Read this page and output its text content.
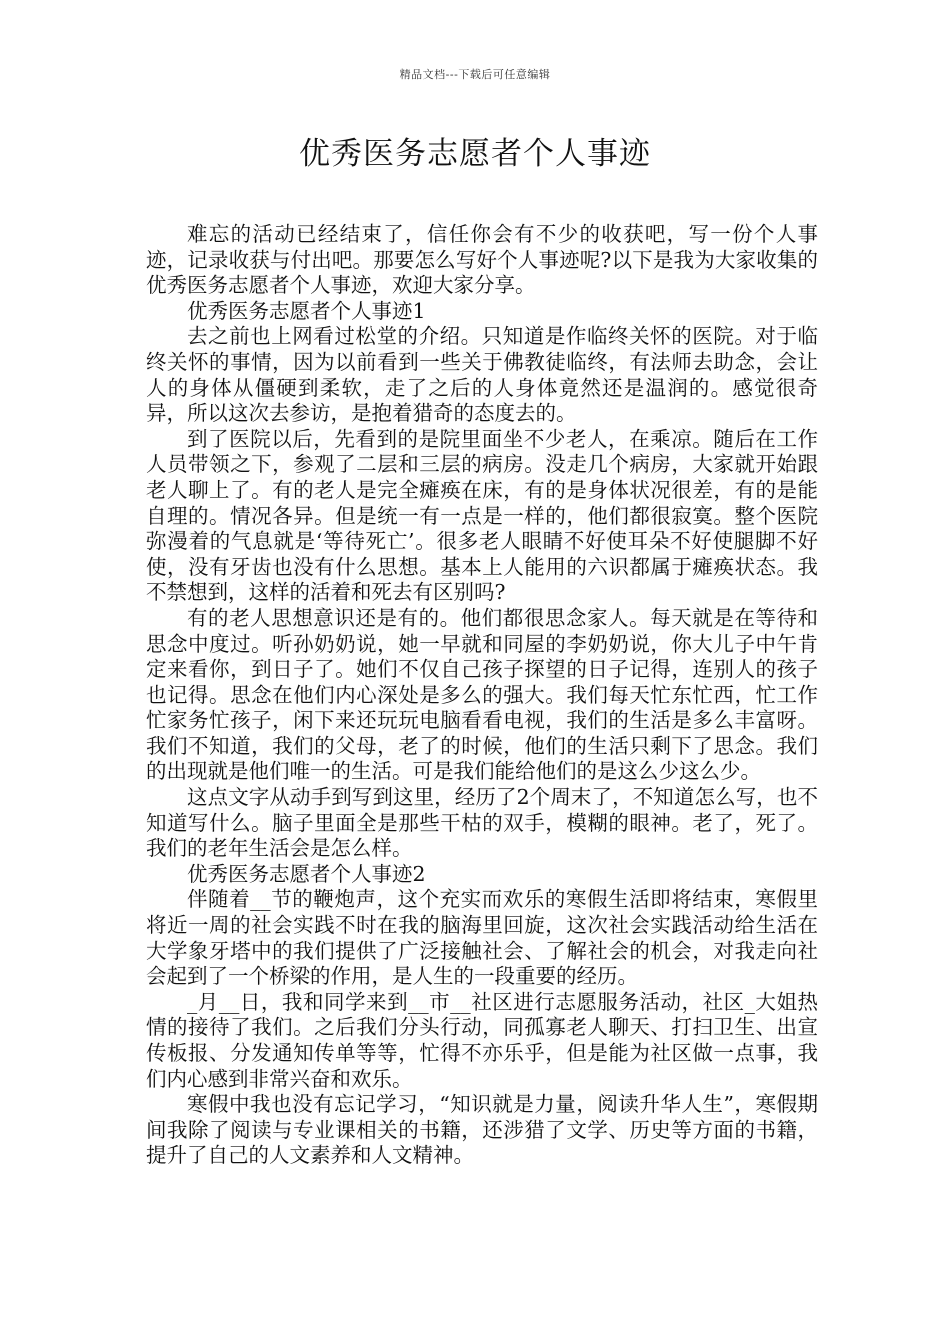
精品文档---下载后可任意编辑
优秀医务志愿者个人事迹

难忘的活动已经结束了，信任你会有不少的收获吧，写一份个人事迹，记录收获与付出吧。那要怎么写好个人事迹呢?以下是我为大家收集的优秀医务志愿者个人事迹，欢迎大家分享。

优秀医务志愿者个人事迹1

去之前也上网看过松堂的介绍。只知道是作临终关怀的医院。对于临终关怀的事情，因为以前看到一些关于佛教徒临终，有法师去助念，会让人的身体从僵硬到柔软，走了之后的人身体竟然还是温润的。感觉很奇异，所以这次去参访，是抱着猎奇的态度去的。

到了医院以后，先看到的是院里面坐不少老人，在乘凉。随后在工作人员带领之下，参观了二层和三层的病房。没走几个病房，大家就开始跟老人聊上了。有的老人是完全瘫痪在床，有的是身体状况很差，有的是能自理的。情况各异。但是统一有一点是一样的，他们都很寂寞。整个医院弥漫着的气息就是‘等待死亡’。很多老人眼睛不好使耳朵不好使腿脚不好使，没有牙齿也没有什么思想。基本上人能用的六识都属于瘫痪状态。我不禁想到，这样的活着和死去有区别吗?

有的老人思想意识还是有的。他们都很思念家人。每天就是在等待和思念中度过。听孙奶奶说，她一早就和同屋的李奶奶说，你大儿子中午肯定来看你，到日子了。她们不仅自己孩子探望的日子记得，连别人的孩子也记得。思念在他们内心深处是多么的强大。我们每天忙东忙西，忙工作忙家务忙孩子，闲下来还玩玩电脑看看电视，我们的生活是多么丰富呀。我们不知道，我们的父母，老了的时候，他们的生活只剩下了思念。我们的出现就是他们唯一的生活。可是我们能给他们的是这么少这么少。

这点文字从动手到写到这里，经历了2个周末了，不知道怎么写，也不知道写什么。脑子里面全是那些干枯的双手，模糊的眼神。老了，死了。我们的老年生活会是怎么样。

优秀医务志愿者个人事迹2

伴随着__节的鞭炮声，这个充实而欢乐的寒假生活即将结束，寒假里将近一周的社会实践不时在我的脑海里回旋，这次社会实践活动给生活在大学象牙塔中的我们提供了广泛接触社会、了解社会的机会，对我走向社会起到了一个桥梁的作用，是人生的一段重要的经历。

_月__日，我和同学来到__市__社区进行志愿服务活动，社区_大姐热情的接待了我们。之后我们分头行动，同孤寡老人聊天、打扫卫生、出宣传板报、分发通知传单等等，忙得不亦乐乎，但是能为社区做一点事，我们内心感到非常兴奋和欢乐。

寒假中我也没有忘记学习，“知识就是力量，阅读升华人生”，寒假期间我除了阅读与专业课相关的书籍，还涉猎了文学、历史等方面的书籍，提升了自己的人文素养和人文精神。
